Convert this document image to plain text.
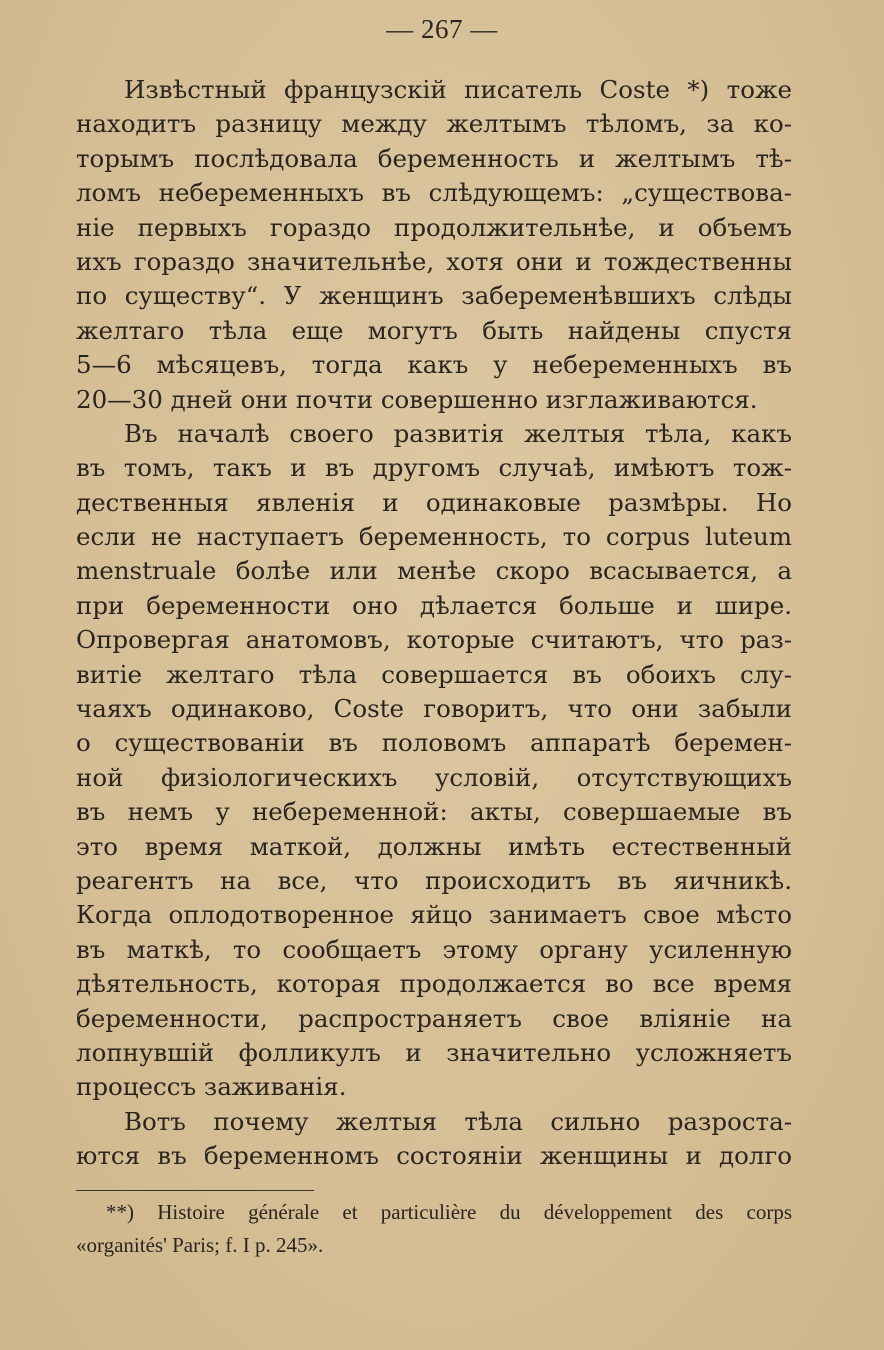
— 267 —
Извѣстный французскій писатель Coste *) тоже
находитъ разницу между желтымъ тѣломъ, за ко-
торымъ послѣдовала беременность и желтымъ тѣ-
ломъ небеременныхъ въ слѣдующемъ: „существова-
ніе первыхъ гораздо продолжительнѣе, и объемъ
ихъ гораздо значительнѣе, хотя они и тождественны
по существу“. У женщинъ забеременѣвшихъ слѣды
желтаго тѣла еще могутъ быть найдены спустя
5—6 мѣсяцевъ, тогда какъ у небеременныхъ въ
20—30 дней они почти совершенно изглаживаются.
Въ началѣ своего развитія желтыя тѣла, какъ
въ томъ, такъ и въ другомъ случаѣ, имѣютъ тож-
дественныя явленія и одинаковые размѣры. Но
если не наступаетъ беременность, то corpus luteum
menstruale болѣе или менѣе скоро всасывается, а
при беременности оно дѣлается больше и шире.
Опровергая анатомовъ, которые считаютъ, что раз-
витіе желтаго тѣла совершается въ обоихъ слу-
чаяхъ одинаково, Coste говоритъ, что они забыли
о существованіи въ половомъ аппаратѣ беремен-
ной физіологическихъ условій, отсутствующихъ
въ немъ у небеременной: акты, совершаемые въ
это время маткой, должны имѣть естественный
реагентъ на все, что происходитъ въ яичникѣ.
Когда оплодотворенное яйцо занимаетъ свое мѣсто
въ маткѣ, то сообщаетъ этому органу усиленную
дѣятельность, которая продолжается во все время
беременности, распространяетъ свое вліяніе на
лопнувшій фолликулъ и значительно усложняетъ
процессъ заживанія.
Вотъ почему желтыя тѣла сильно разроста-
ются въ беременномъ состояніи женщины и долго
**) Histoire générale et particulière du développement des corps
«organités' Paris; f. I p. 245».
